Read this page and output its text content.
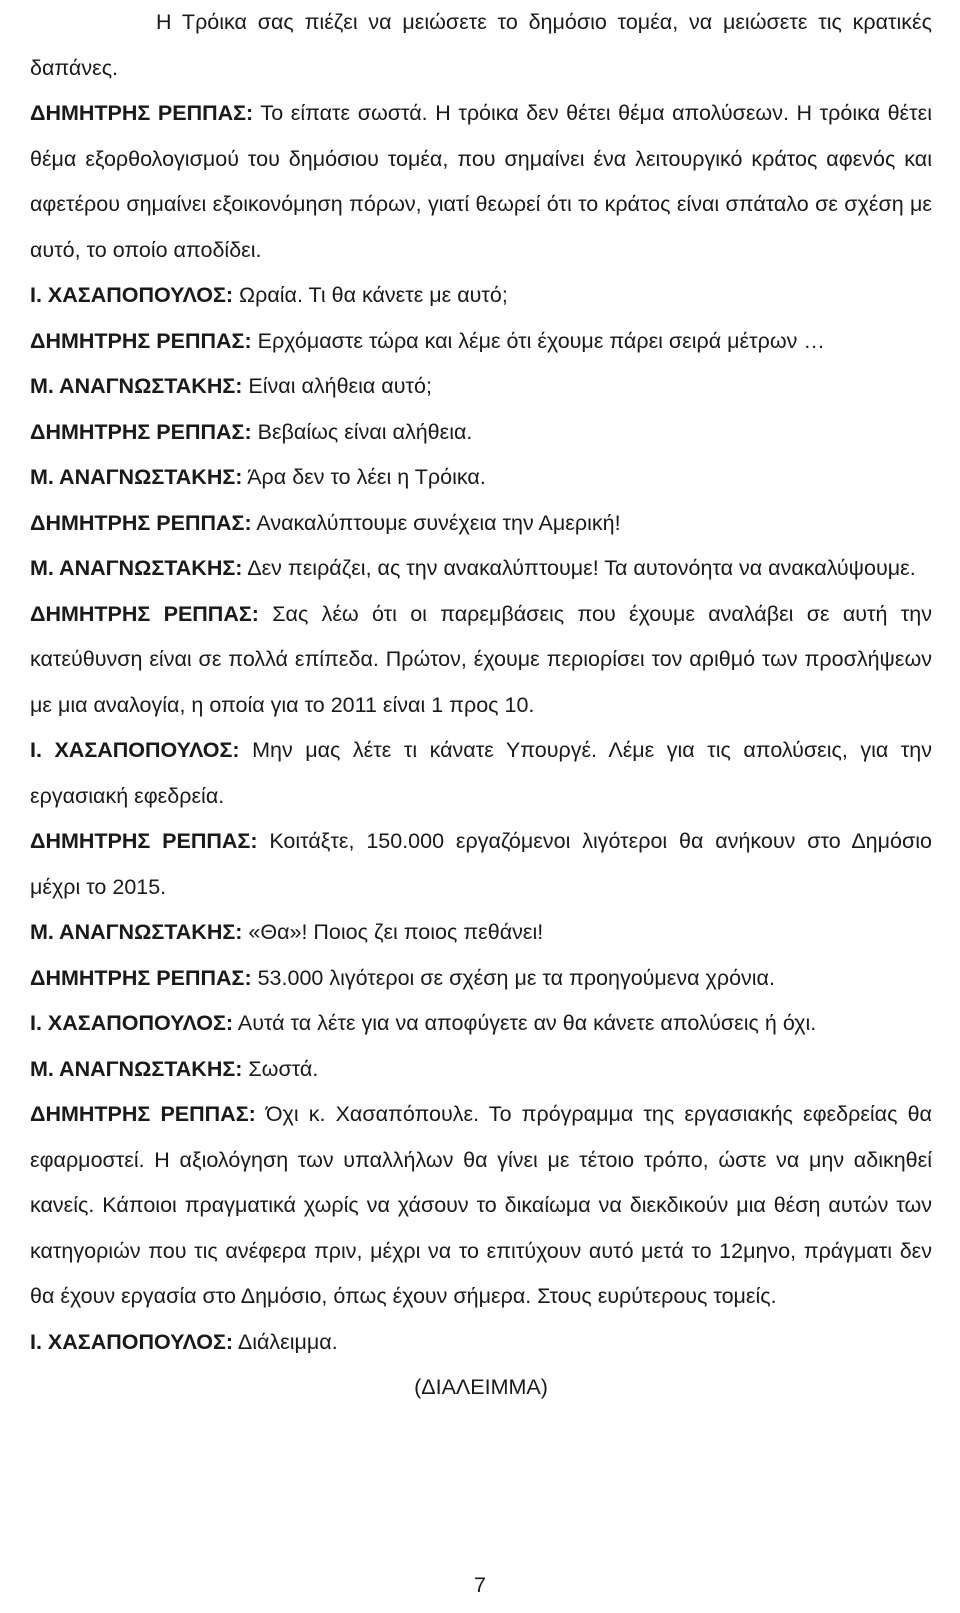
Η Τρόικα σας πιέζει να μειώσετε το δημόσιο τομέα, να μειώσετε τις κρατικές δαπάνες.

ΔΗΜΗΤΡΗΣ ΡΕΠΠΑΣ: Το είπατε σωστά. Η τρόικα δεν θέτει θέμα απολύσεων. Η τρόικα θέτει θέμα εξορθολογισμού του δημόσιου τομέα, που σημαίνει ένα λειτουργικό κράτος αφενός και αφετέρου σημαίνει εξοικονόμηση πόρων, γιατί θεωρεί ότι το κράτος είναι σπάταλο σε σχέση με αυτό, το οποίο αποδίδει.

Ι. ΧΑΣΑΠΟΠΟΥΛΟΣ: Ωραία. Τι θα κάνετε με αυτό;

ΔΗΜΗΤΡΗΣ ΡΕΠΠΑΣ: Ερχόμαστε τώρα και λέμε ότι έχουμε πάρει σειρά μέτρων …

Μ. ΑΝΑΓΝΩΣΤΑΚΗΣ: Είναι αλήθεια αυτό;

ΔΗΜΗΤΡΗΣ ΡΕΠΠΑΣ: Βεβαίως είναι αλήθεια.

Μ. ΑΝΑΓΝΩΣΤΑΚΗΣ: Άρα δεν το λέει η Τρόικα.

ΔΗΜΗΤΡΗΣ ΡΕΠΠΑΣ: Ανακαλύπτουμε συνέχεια την Αμερική!

Μ. ΑΝΑΓΝΩΣΤΑΚΗΣ: Δεν πειράζει, ας την ανακαλύπτουμε! Τα αυτονόητα να ανακαλύψουμε.

ΔΗΜΗΤΡΗΣ ΡΕΠΠΑΣ: Σας λέω ότι οι παρεμβάσεις που έχουμε αναλάβει σε αυτή την κατεύθυνση είναι σε πολλά επίπεδα. Πρώτον, έχουμε περιορίσει τον αριθμό των προσλήψεων με μια αναλογία, η οποία για το 2011 είναι 1 προς 10.

Ι. ΧΑΣΑΠΟΠΟΥΛΟΣ: Μην μας λέτε τι κάνατε Υπουργέ. Λέμε για τις απολύσεις, για την εργασιακή εφεδρεία.

ΔΗΜΗΤΡΗΣ ΡΕΠΠΑΣ: Κοιτάξτε, 150.000 εργαζόμενοι λιγότεροι θα ανήκουν στο Δημόσιο μέχρι το 2015.

Μ. ΑΝΑΓΝΩΣΤΑΚΗΣ: «Θα»! Ποιος ζει ποιος πεθάνει!

ΔΗΜΗΤΡΗΣ ΡΕΠΠΑΣ: 53.000 λιγότεροι σε σχέση με τα προηγούμενα χρόνια.

Ι. ΧΑΣΑΠΟΠΟΥΛΟΣ: Αυτά τα λέτε για να αποφύγετε αν θα κάνετε απολύσεις ή όχι.

Μ. ΑΝΑΓΝΩΣΤΑΚΗΣ: Σωστά.

ΔΗΜΗΤΡΗΣ ΡΕΠΠΑΣ: Όχι κ. Χασαπόπουλε. Το πρόγραμμα της εργασιακής εφεδρείας θα εφαρμοστεί. Η αξιολόγηση των υπαλλήλων θα γίνει με τέτοιο τρόπο, ώστε να μην αδικηθεί κανείς. Κάποιοι πραγματικά χωρίς να χάσουν το δικαίωμα να διεκδικούν μια θέση αυτών των κατηγοριών που τις ανέφερα πριν, μέχρι να το επιτύχουν αυτό μετά το 12μηνο, πράγματι δεν θα έχουν εργασία στο Δημόσιο, όπως έχουν σήμερα. Στους ευρύτερους τομείς.

Ι. ΧΑΣΑΠΟΠΟΥΛΟΣ: Διάλειμμα.

(ΔΙΑΛΕΙΜΜΑ)

7
